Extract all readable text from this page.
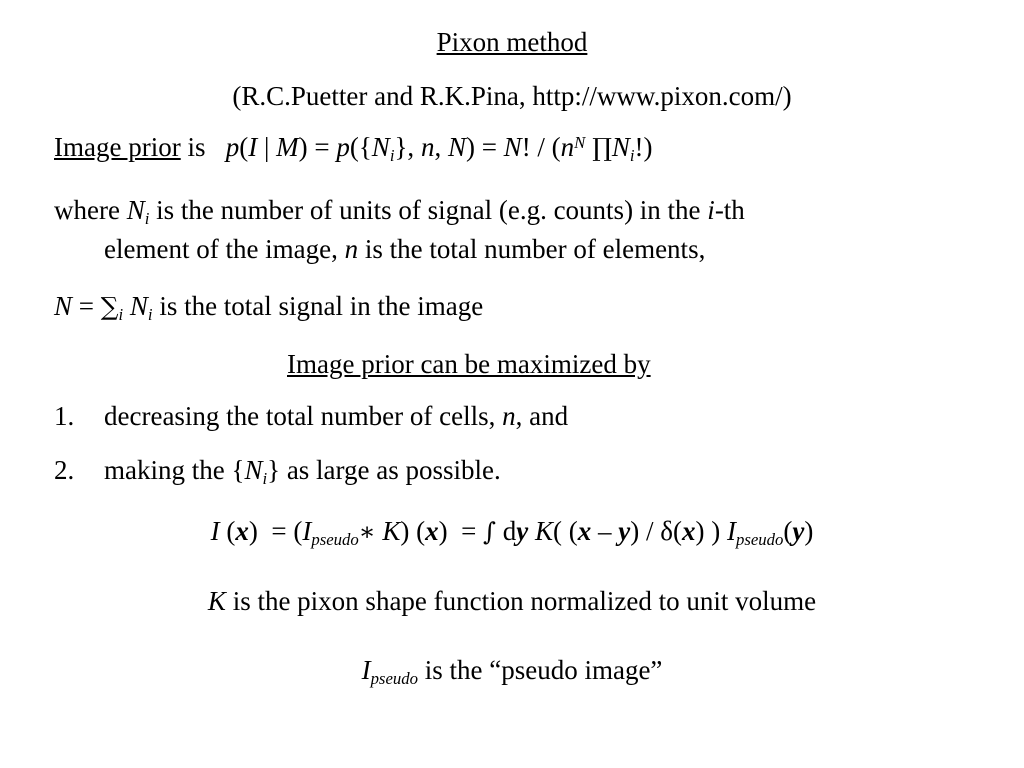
Pixon method
(R.C.Puetter and R.K.Pina, http://www.pixon.com/)
Image prior is p(I | $M) = p(\{N_i\}$, n, N) = N! / ($n^N$ $\prod N_i$!)
where $N_i$ is the number of units of signal (e.g. counts) in the i-th
element of the image, n is the total number of elements,
$N = \sum_i$ $N_i$ is the total signal in the image
Image prior can be maximized by
1. decreasing the total number of cells, n, and
2. making the $\{N_i\}$ as large as possible.
I $(x) = (I_{pseudo}∗$ K) (x)  = ∫ dy K( (x – y) / δ(x) ) $I_{pseudo}(y)$
K is the pixon shape function normalized to unit volume
$I_{pseudo}$ is the “pseudo image”
